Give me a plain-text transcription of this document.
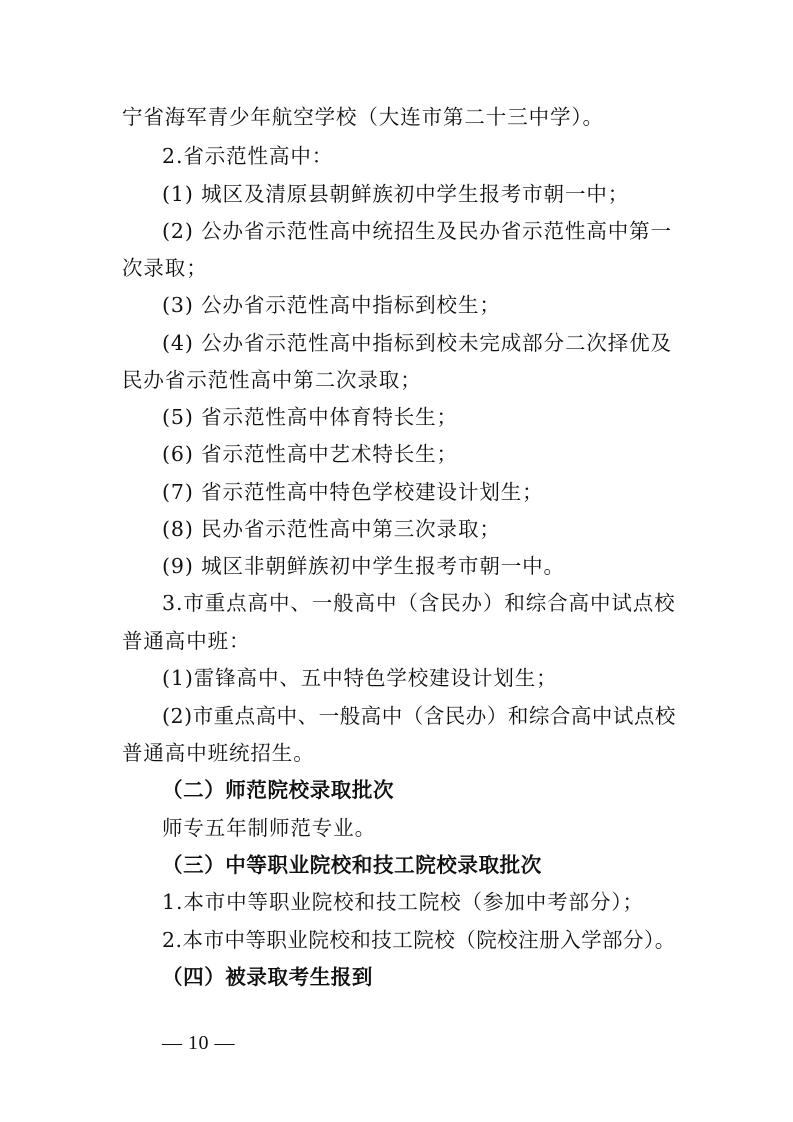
宁省海军青少年航空学校（大连市第二十三中学）。
2.省示范性高中：
(1) 城区及清原县朝鲜族初中学生报考市朝一中；
(2) 公办省示范性高中统招生及民办省示范性高中第一
次录取；
(3) 公办省示范性高中指标到校生；
(4) 公办省示范性高中指标到校未完成部分二次择优及
民办省示范性高中第二次录取；
(5) 省示范性高中体育特长生；
(6) 省示范性高中艺术特长生；
(7) 省示范性高中特色学校建设计划生；
(8) 民办省示范性高中第三次录取；
(9) 城区非朝鲜族初中学生报考市朝一中。
3.市重点高中、一般高中（含民办）和综合高中试点校
普通高中班：
(1)雷锋高中、五中特色学校建设计划生；
(2)市重点高中、一般高中（含民办）和综合高中试点校
普通高中班统招生。
（二）师范院校录取批次
师专五年制师范专业。
（三）中等职业院校和技工院校录取批次
1.本市中等职业院校和技工院校（参加中考部分）；
2.本市中等职业院校和技工院校（院校注册入学部分）。
（四）被录取考生报到
— 10 —
